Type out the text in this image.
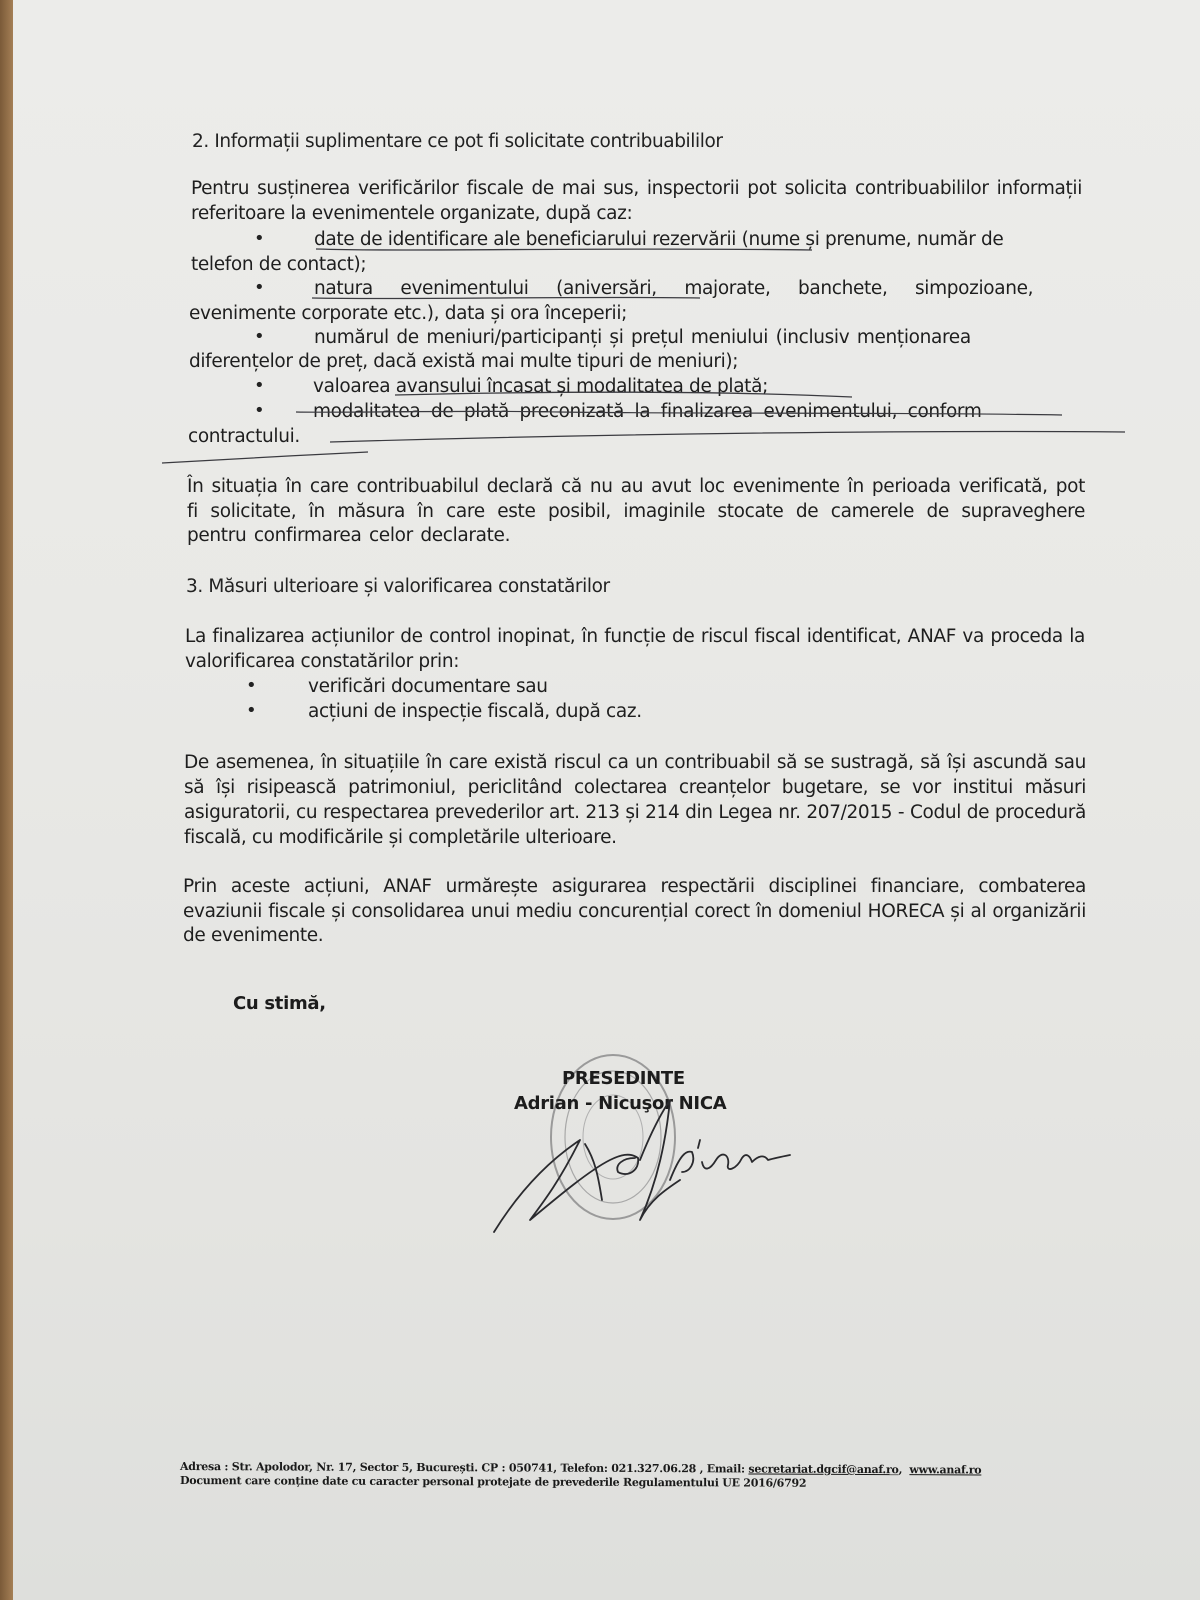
2. Informații suplimentare ce pot fi solicitate contribuabililor
Pentru susținerea verificărilor fiscale de mai sus, inspectorii pot solicita contribuabililor informații referitoare la evenimentele organizate, după caz:
•	date de identificare ale beneficiarului rezervării (nume și prenume, număr de
telefon de contact);
•	natura evenimentului (aniversări, majorate, banchete, simpozioane,
evenimente corporate etc.), data și ora începerii;
•	numărul de meniuri/participanți și prețul meniului (inclusiv menționarea
diferențelor de preț, dacă există mai multe tipuri de meniuri);
•	valoarea avansului încasat și modalitatea de plată;
•	modalitatea de plată preconizată la finalizarea evenimentului, conform
contractului.
În situația în care contribuabilul declară că nu au avut loc evenimente în perioada verificată, pot fi solicitate, în măsura în care este posibil, imaginile stocate de camerele de supraveghere pentru confirmarea celor declarate.
3. Măsuri ulterioare și valorificarea constatărilor
La finalizarea acțiunilor de control inopinat, în funcție de riscul fiscal identificat, ANAF va proceda la valorificarea constatărilor prin:
•	verificări documentare sau
•	acțiuni de inspecție fiscală, după caz.
De asemenea, în situațiile în care există riscul ca un contribuabil să se sustragă, să își ascundă sau să își risipească patrimoniul, periclitând colectarea creanțelor bugetare, se vor institui măsuri asiguratorii, cu respectarea prevederilor art. 213 și 214 din Legea nr. 207/2015 - Codul de procedură fiscală, cu modificările și completările ulterioare.
Prin aceste acțiuni, ANAF urmărește asigurarea respectării disciplinei financiare, combaterea evaziunii fiscale și consolidarea unui mediu concurențial corect în domeniul HORECA și al organizării de evenimente.
Cu stimă,
PRESEDINTE
Adrian - Nicuşor NICA
Adresa : Str. Apolodor, Nr. 17, Sector 5, București. CP : 050741, Telefon: 021.327.06.28 , Email: secretariat.dgcif@anaf.ro, www.anaf.ro
Document care conține date cu caracter personal protejate de prevederile Regulamentului UE 2016/6792
